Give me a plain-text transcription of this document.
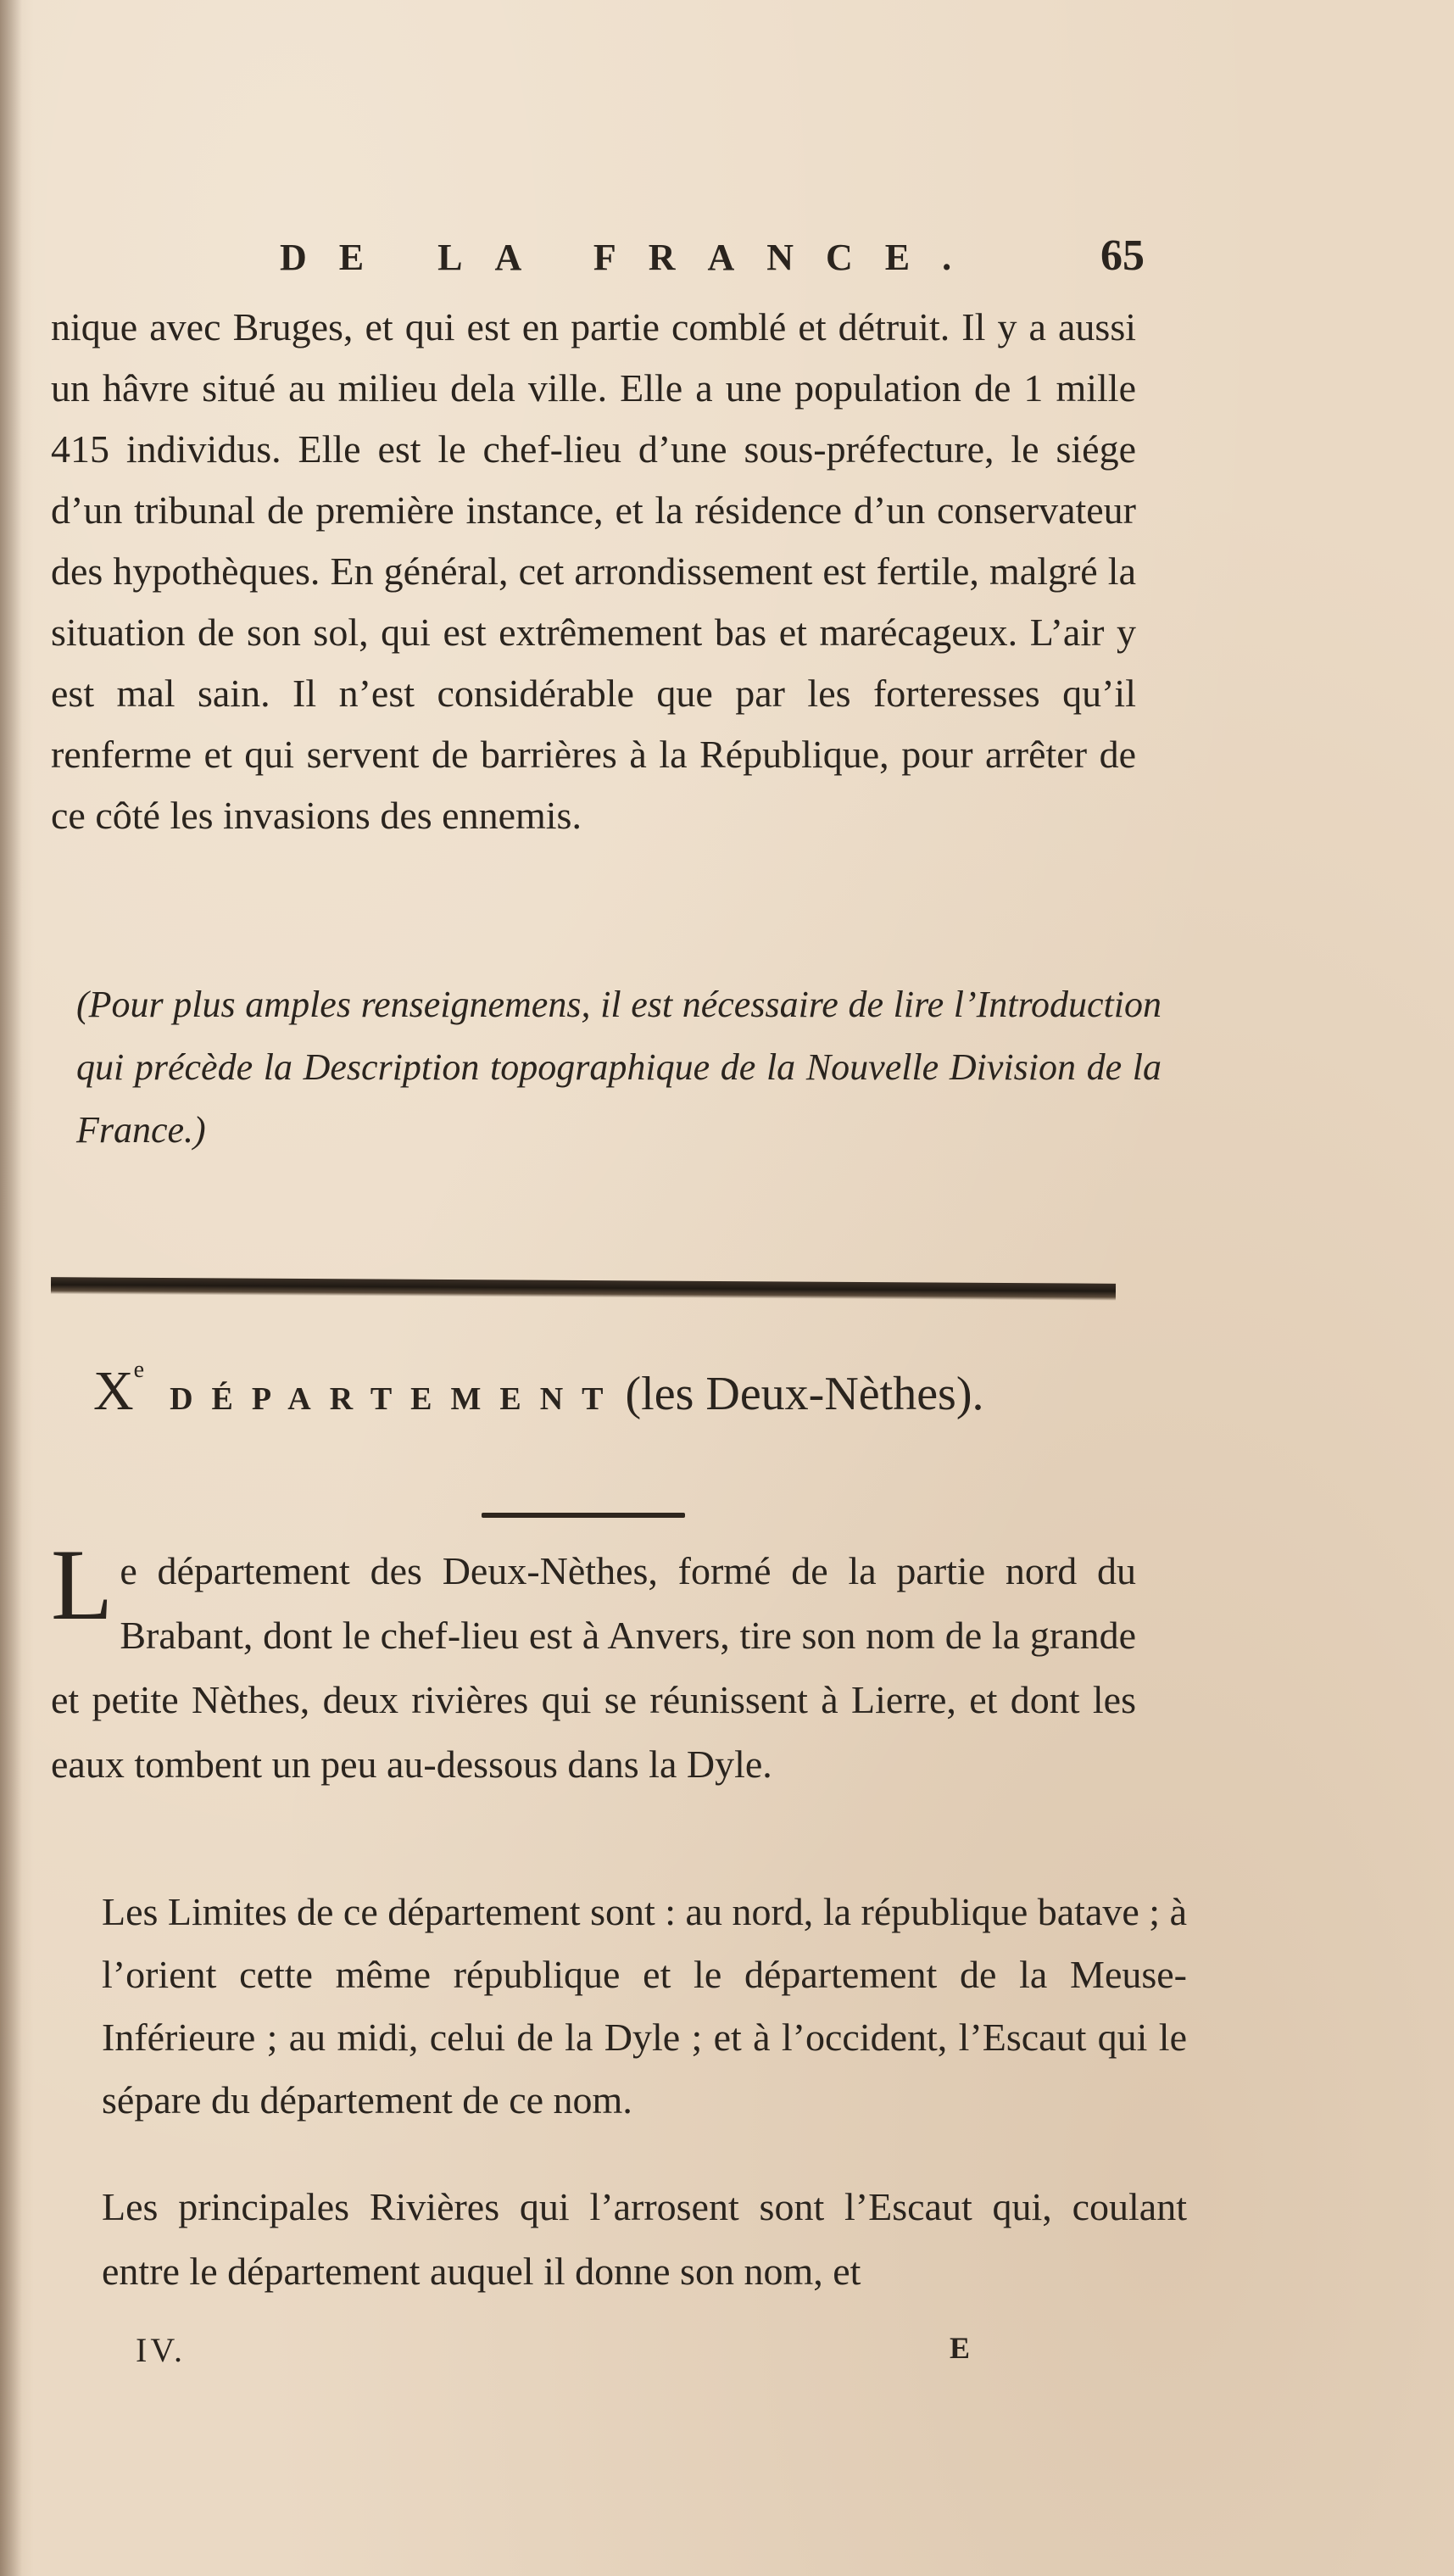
DE LA FRANCE.	65

nique avec Bruges, et qui est en partie comblé et détruit. Il y a aussi un hâvre situé au milieu dela ville. Elle a une population de 1 mille 415 individus. Elle est le chef-lieu d’une sous-préfecture, le siége d’un tribunal de première instance, et la résidence d’un conservateur des hypothèques. En général, cet arrondissement est fertile, malgré la situation de son sol, qui est extrêmement bas et marécageux. L’air y est mal sain. Il n’est considérable que par les forteresses qu’il renferme et qui servent de barrières à la République, pour arrêter de ce côté les invasions des ennemis.

(Pour plus amples renseignemens, il est nécessaire de lire l’Introduction qui précède la Description topographique de la Nouvelle Division de la France.)

XeDÉPARTEMENT (les Deux-Nèthes).
L e département des Deux-Nèthes, formé de la partie nord du Brabant, dont le chef-lieu est à Anvers, tire son nom de la grande et petite Nèthes, deux rivières qui se réunissent à Lierre, et dont les eaux tombent un peu au-dessous dans la Dyle.

Les Limites de ce département sont : au nord, la république batave ; à l’orient cette même république et le département de la Meuse-Inférieure ; au midi, celui de la Dyle ; et à l’occident, l’Escaut qui le sépare du département de ce nom.

Les principales Rivières qui l’arrosent sont l’Escaut qui, coulant entre le département auquel il donne son nom, et

IV.	E
